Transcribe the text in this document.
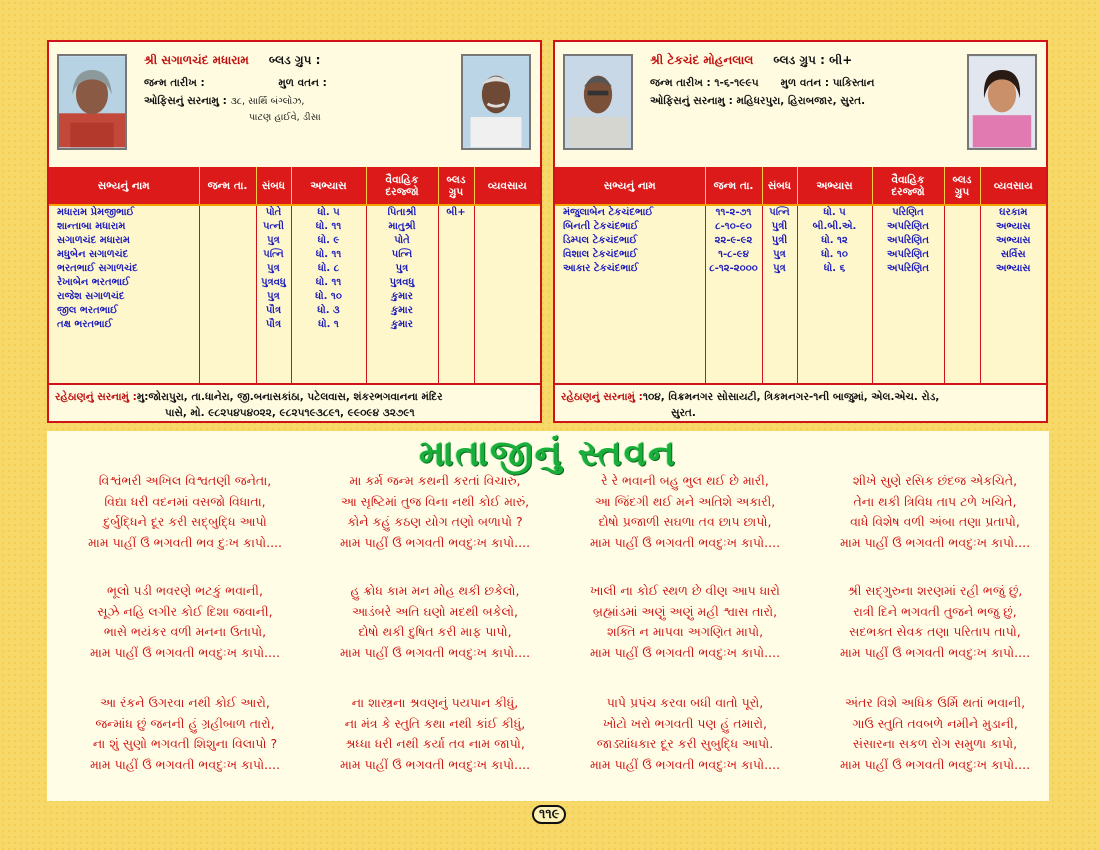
શ્રી સગાળચંદ મધારામ બ્લડ ગ્રુપ :
જન્મ તારીખ :	મુળ વતન :
ઓફિસનું સરનામુ : ૩૮, સાર્થિ બંગ્લોઝ,
પાટણ હાઈવે, ડીસા
સભ્યનું નામ	જન્મ તા.	સંબધ	અભ્યાસ	વૈવાહિક દરજ્જો	બ્લડ ગ્રુપ	વ્યવસાય
મધારામ પ્રેમજીભાઈ		પોતે	ધો. ૫	પિતાશ્રી	બી+	
શાન્તાબા મધારામ		પત્ની	ધો. ૧૧	માતુશ્રી		
સગાળચંદ મધારામ		પુત્ર	ધો. ૯	પોતે		
મધુબેન સગાળચંદ		પત્નિ	ધો. ૧૧	પત્નિ		
ભરતભાઈ સગાળચંદ		પુત્ર	ધો. ૮	પુત્ર		
રેખાબેન ભરતભાઈ		પુત્રવધુ	ધો. ૧૧	પુત્રવધુ		
રાજેશ સગાળચંદ		પુત્ર	ધો. ૧૦	કુમાર		
જીલ ભરતભાઈ		પૌત્ર	ધો. ૩	કુમાર		
તક્ષ ભરતભાઈ		પૌત્ર	ધો. ૧	કુમાર		

રહેઠાણનું સરનામું :મુ:જોરાપુરા, તા.ધાનેરા, જી.બનાસકાંઠા, પટેલવાસ, શંકરભગવાનના મંદિર
પાસે, મો. ૯૮૨૫૪૫૪૦૨૨, ૯૮૨૫૧૯૩૮૯૧, ૯૯૦૯૪ ૩૨૭૯૧
શ્રી ટેકચંદ મોહનલાલ બ્લડ ગ્રુપ : બી+
જન્મ તારીખ : ૧-૬-૧૯૯૫ મુળ વતન : પાકિસ્તાન
ઓફિસનું સરનામુ : મહિધરપુરા, હિરાબજાર, સુરત.
સભ્યનું નામ	જન્મ તા.	સંબધ	અભ્યાસ	વૈવાહિક દરજ્જો	બ્લડ ગ્રુપ	વ્યવસાય
મંજુલાબેન ટેકચંદભાઈ	૧૧-૨-૭૧	પત્નિ	ધો. ૫	પરિણિત		ઘરકામ
બિનતી ટેકચંદભાઈ	૮-૧૦-૯૦	પુત્રી	બી.બી.એ.	અપરિણિત		અભ્યાસ
ડિમ્પલ ટેકચંદભાઈ	૨૨-૯-૯૨	પુત્રી	ધો. ૧૨	અપરિણિત		અભ્યાસ
વિશાલ ટેકચંદભાઈ	૧-૮-૯૪	પુત્ર	ધો. ૧૦	અપરિણિત		સર્વિસ
આકાર ટેકચંદભાઈ	૮-૧૨-૨૦૦૦	પુત્ર	ધો. ૬	અપરિણિત		અભ્યાસ

રહેઠાણનું સરનામું :૧૦૪, વિક્રમનગર સોસાયટી, ત્રિકમનગર-૧ની બાજુમાં, એલ.એચ. રોડ,
સુરત.
માતાજીનું સ્તવન
વિશ્વંભરી અખિલ વિશ્વતણી જનેતા,
વિદ્યા ધરી વદનમાં વસજો વિધાતા,
દુર્બુદ્ધિને દૂર કરી સદ્બુદ્ધિ આપો
મામ પાહીં ઉઁ ભગવતી ભવ દુઃખ કાપો....
મા કર્મ જન્મ કથની કરતાં વિચારું,
આ સૃષ્ટિમાં તુજ વિના નથી કોઈ મારું,
કોને કહું કઠણ યોગ તણો બળાપો ?
મામ પાહીં ઉઁ ભગવતી ભવદુઃખ કાપો....
રે રે ભવાની બહુ ભુલ થઈ છે મારી,
આ જિંદગી થઈ મને અતિશે અકારી,
દોષો પ્રજાળી સઘળા તવ છાપ છાપો,
મામ પાહીં ઉઁ ભગવતી ભવદુઃખ કાપો....
શીખે સુણે રસિક છંદજ એકચિતે,
તેના થકી ત્રિવિધ તાપ ટળે ખચિતે,
વાધે વિશેષ વળી અંબા તણા પ્રતાપો,
મામ પાહીં ઉઁ ભગવતી ભવદુઃખ કાપો....
ભૂલો પડી ભવરણે ભટકું ભવાની,
સૂઝે નહિ લગીર કોઈ દિશા જવાની,
ભાસે ભયંકર વળી મનના ઉતાપો,
મામ પાહીં ઉઁ ભગવતી ભવદુઃખ કાપો....
હુ ક્રોધ કામ મન મોહ થકી છકેલો,
આડંબરે અતિ ઘણો મદથી બકેલો,
દોષો થકી દુષિત કરી માફ પાપો,
મામ પાહીં ઉઁ ભગવતી ભવદુઃખ કાપો....
ખાલી ના કોઈ સ્થળ છે વીણ આપ ધારો
બ્રહ્માંડમાં અણું અણું મહી શ્વાસ તારો,
શક્તિ ન માપવા અગણિત માપો,
મામ પાહીં ઉઁ ભગવતી ભવદુઃખ કાપો....
શ્રી સદ્ગુરુના શરણમાં રહી ભજું છું,
રાત્રી દિને ભગવતી તુજને ભજુ છું,
સદભક્ત સેવક તણા પરિતાપ તાપો,
મામ પાહીં ઉઁ ભગવતી ભવદુઃખ કાપો....
આ રંકને ઉગરવા નથી કોઈ આરો,
જન્માંધ છું જનની હું ગ્રહીબાળ તારો,
ના શું સુણો ભગવતી શિશુના વિલાપો ?
મામ પાહીં ઉઁ ભગવતી ભવદુઃખ કાપો....
ના શાસ્ત્રના શ્રવણનું પયપાન કીધું,
ના મંત્ર કે સ્તુતિ કથા નથી કાંઈ કીધું,
શ્રધ્ધા ધરી નથી કર્યા તવ નામ જાપો,
મામ પાહીં ઉઁ ભગવતી ભવદુઃખ કાપો....
પાપે પ્રપંચ કરવા બધી વાતો પૂરો,
ખોટો ખરો ભગવતી પણ હું તમારો,
જાડ્યાંધકાર દૂર કરી સુબુદ્ધિ આપો.
મામ પાહીં ઉઁ ભગવતી ભવદુઃખ કાપો....
અંતર વિશે અધિક ઉર્મિ થતાં ભવાની,
ગાઉ સ્તુતિ તવબળે નમીને મુડાની,
સંસારના સકળ રોગ સમુળા કાપો,
મામ પાહીં ઉઁ ભગવતી ભવદુઃખ કાપો....
૧૧૯
